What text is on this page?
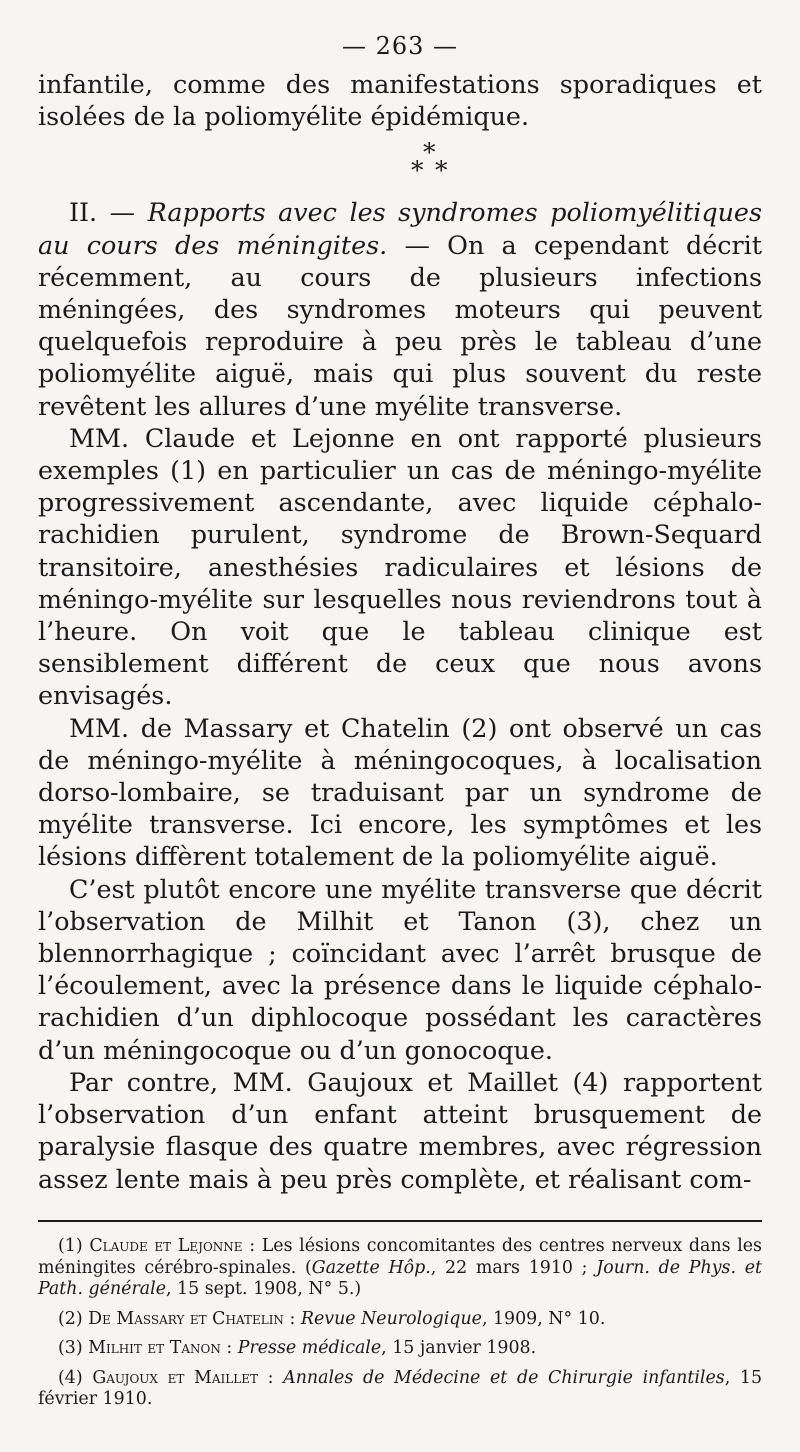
— 263 —

infantile, comme des manifestations sporadiques et isolées de la poliomyélite épidémique.

*
* *

II. — Rapports avec les syndromes poliomyélitiques au cours des méningites. — On a cependant décrit récemment, au cours de plusieurs infections méningées, des syndromes moteurs qui peuvent quelquefois reproduire à peu près le tableau d’une poliomyélite aiguë, mais qui plus souvent du reste revêtent les allures d’une myélite transverse.

MM. Claude et Lejonne en ont rapporté plusieurs exemples (1) en particulier un cas de méningo-myélite progressivement ascendante, avec liquide céphalo-rachidien purulent, syndrome de Brown-Sequard transitoire, anesthésies radiculaires et lésions de méningo-myélite sur lesquelles nous reviendrons tout à l’heure. On voit que le tableau clinique est sensiblement différent de ceux que nous avons envisagés.

MM. de Massary et Chatelin (2) ont observé un cas de méningo-myélite à méningocoques, à localisation dorso-lombaire, se traduisant par un syndrome de myélite transverse. Ici encore, les symptômes et les lésions diffèrent totalement de la poliomyélite aiguë.

C’est plutôt encore une myélite transverse que décrit l’observation de Milhit et Tanon (3), chez un blennorrhagique ; coïncidant avec l’arrêt brusque de l’écoulement, avec la présence dans le liquide céphalo-rachidien d’un diphlocoque possédant les caractères d’un méningocoque ou d’un gonocoque.

Par contre, MM. Gaujoux et Maillet (4) rapportent l’observation d’un enfant atteint brusquement de paralysie flasque des quatre membres, avec régression assez lente mais à peu près complète, et réalisant com-

(1) Claude et Lejonne : Les lésions concomitantes des centres nerveux dans les méningites cérébro-spinales. (Gazette Hôp., 22 mars 1910 ; Journ. de Phys. et Path. générale, 15 sept. 1908, N° 5.)

(2) De Massary et Chatelin : Revue Neurologique, 1909, N° 10.

(3) Milhit et Tanon : Presse médicale, 15 janvier 1908.

(4) Gaujoux et Maillet : Annales de Médecine et de Chirurgie infantiles, 15 février 1910.
